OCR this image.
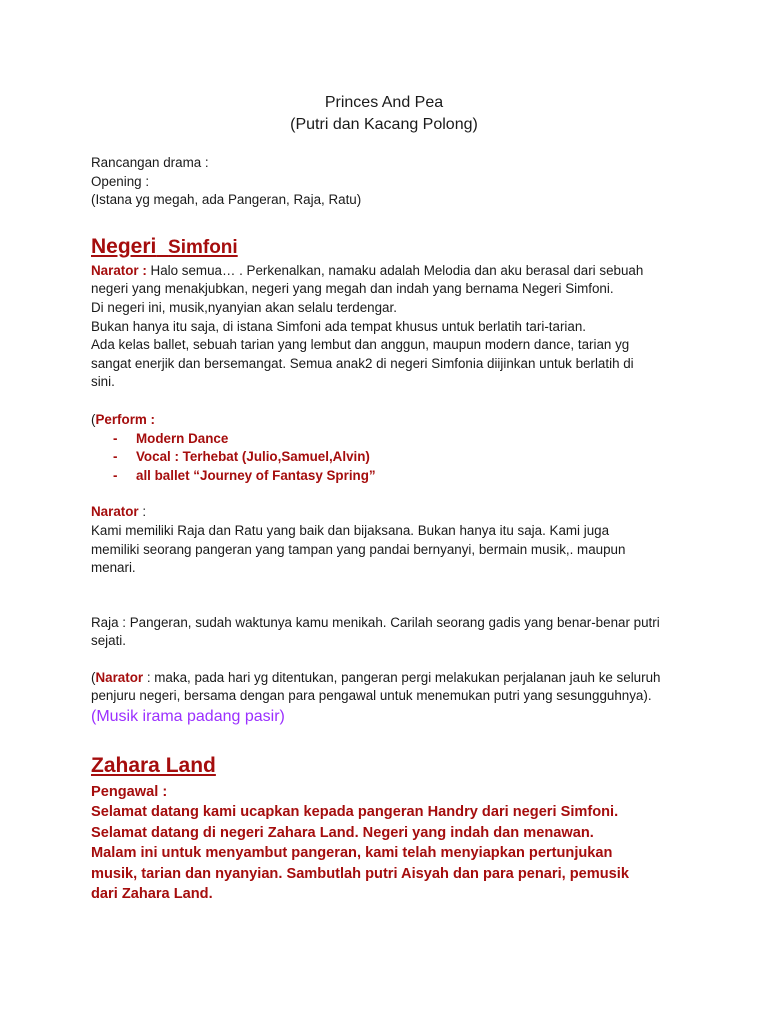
Princes And Pea
(Putri dan Kacang Polong)

Rancangan drama :

Opening :

(Istana yg megah, ada Pangeran, Raja, Ratu)

Negeri Simfoni

Narator : Halo semua… . Perkenalkan, namaku adalah Melodia dan aku berasal dari sebuah

negeri yang menakjubkan, negeri yang megah dan indah yang bernama Negeri Simfoni.

Di negeri ini, musik,nyanyian akan selalu terdengar.

Bukan hanya itu saja, di istana Simfoni ada tempat khusus untuk berlatih tari-tarian.

Ada kelas ballet, sebuah tarian yang lembut dan anggun, maupun modern dance, tarian yg

sangat enerjik dan bersemangat. Semua anak2 di negeri Simfonia diijinkan untuk berlatih di

sini.

(Perform :

- Modern Dance
- Vocal : Terhebat (Julio,Samuel,Alvin)
- all ballet “Journey of Fantasy Spring”

Narator :

Kami memiliki Raja dan Ratu yang baik dan bijaksana. Bukan hanya itu saja. Kami juga

memiliki seorang pangeran yang tampan yang pandai bernyanyi, bermain musik,. maupun

menari.

Raja : Pangeran, sudah waktunya kamu menikah. Carilah seorang gadis yang benar-benar putri

sejati.

(Narator : maka, pada hari yg ditentukan, pangeran pergi melakukan perjalanan jauh ke seluruh

penjuru negeri, bersama dengan para pengawal untuk menemukan putri yang sesungguhnya).

(Musik irama padang pasir)

Zahara Land

Pengawal :

Selamat datang kami ucapkan kepada pangeran Handry dari negeri Simfoni.

Selamat datang di negeri Zahara Land. Negeri yang indah dan menawan.

Malam ini untuk menyambut pangeran, kami telah menyiapkan pertunjukan

musik, tarian dan nyanyian. Sambutlah putri Aisyah dan para penari, pemusik

dari Zahara Land.
